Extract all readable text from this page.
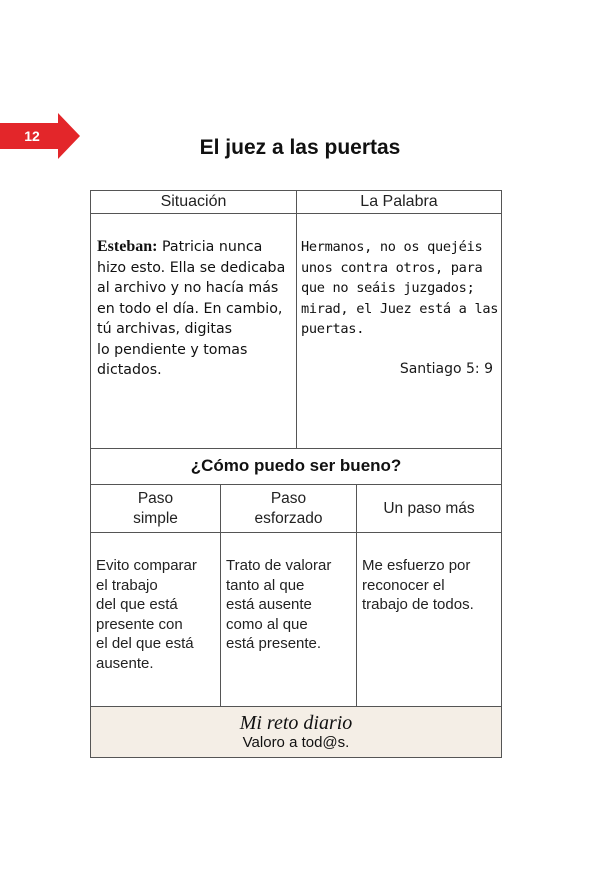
12	El juez a las puertas
Situación	La Palabra
Esteban: Patricia nunca
hizo esto. Ella se dedicaba
al archivo y no hacía más
en todo el día. En cambio,
tú archivas, digitas
lo pendiente y tomas
dictados.
Hermanos, no os quejéis
unos contra otros, para
que no seáis juzgados;
mirad, el Juez está a las
puertas.
Santiago 5: 9
¿Cómo puedo ser bueno?
Paso
simple
Paso
esforzado
Un paso más
Evito comparar
el trabajo
del que está
presente con
el del que está
ausente.
Trato de valorar
tanto al que
está ausente
como al que
está presente.
Me esfuerzo por
reconocer el
trabajo de todos.
Mi reto diario
Valoro a tod@s.
